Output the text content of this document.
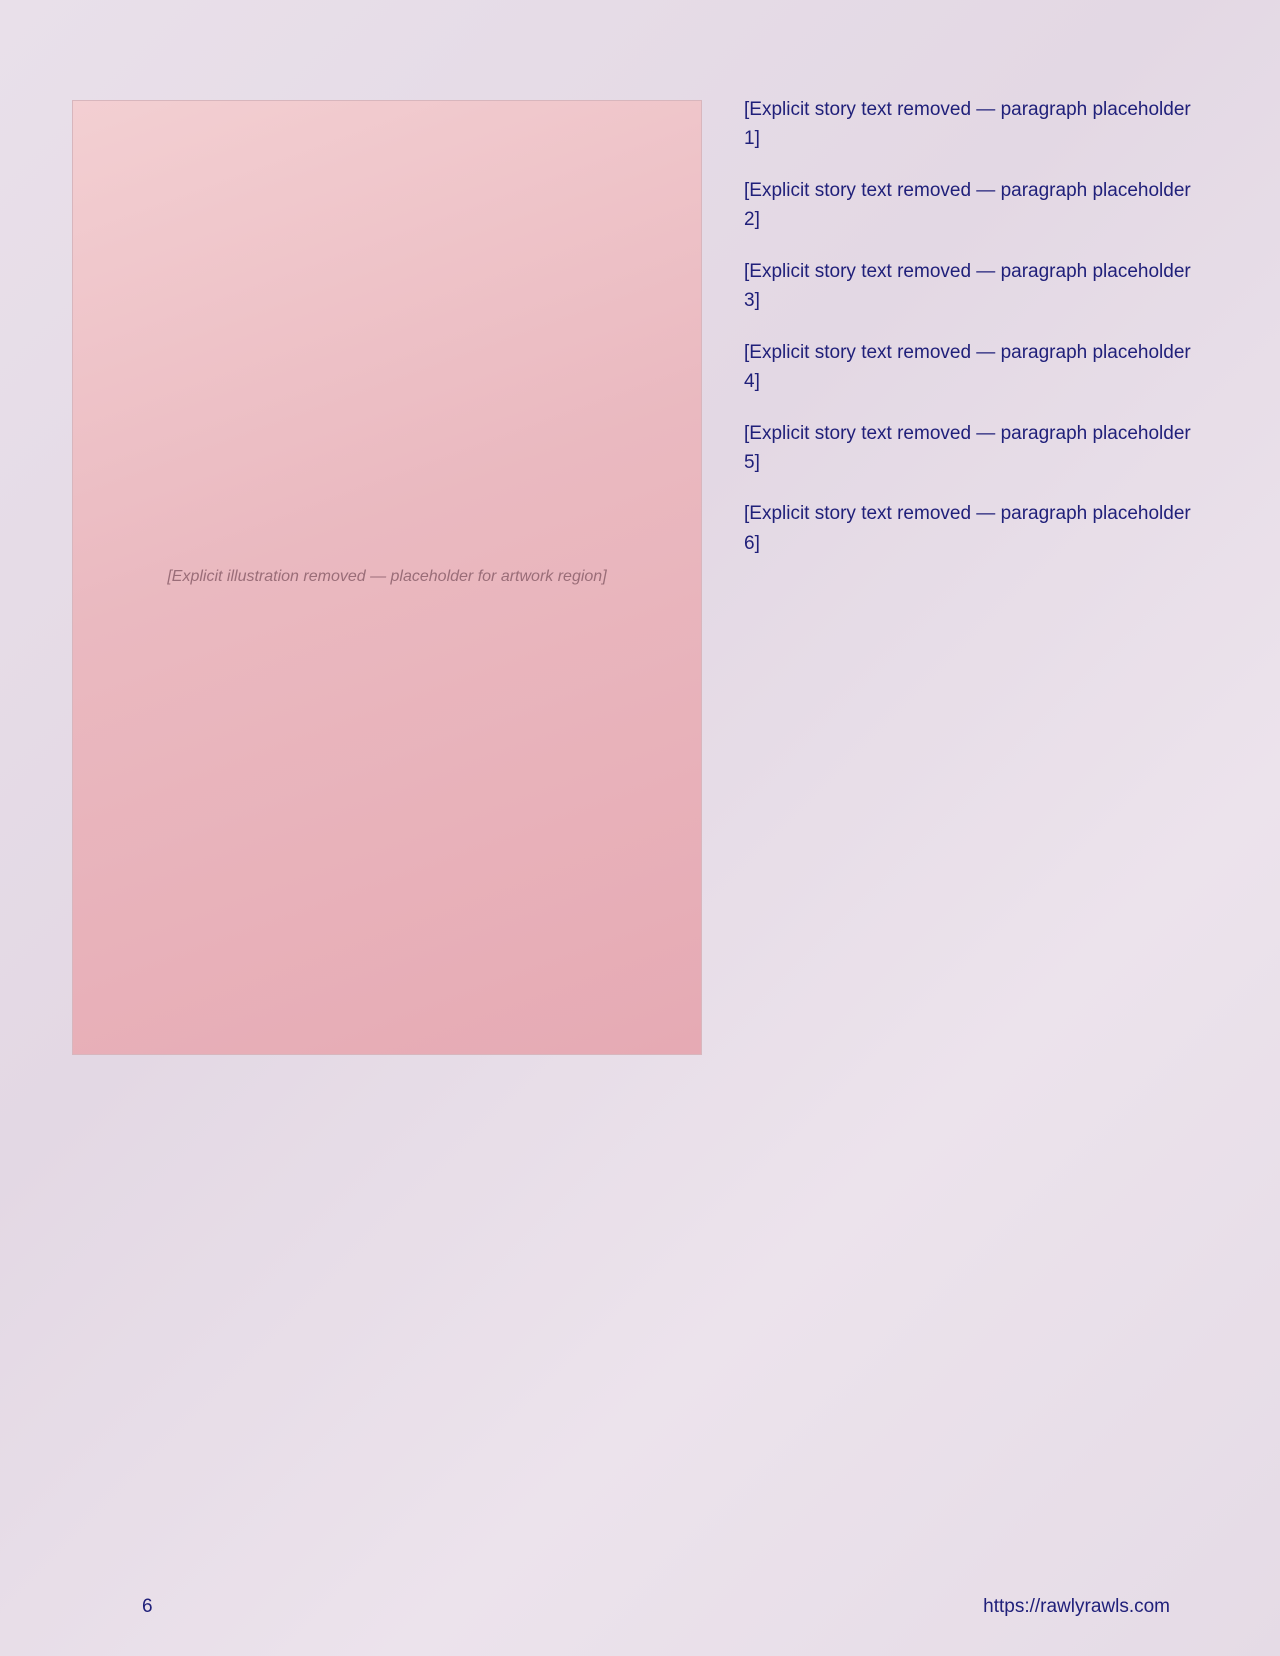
[Explicit illustration removed — placeholder for artwork region]

[Explicit story text removed — paragraph placeholder 1]

[Explicit story text removed — paragraph placeholder 2]

[Explicit story text removed — paragraph placeholder 3]

[Explicit story text removed — paragraph placeholder 4]

[Explicit story text removed — paragraph placeholder 5]

[Explicit story text removed — paragraph placeholder 6]

6	https://rawlyrawls.com
